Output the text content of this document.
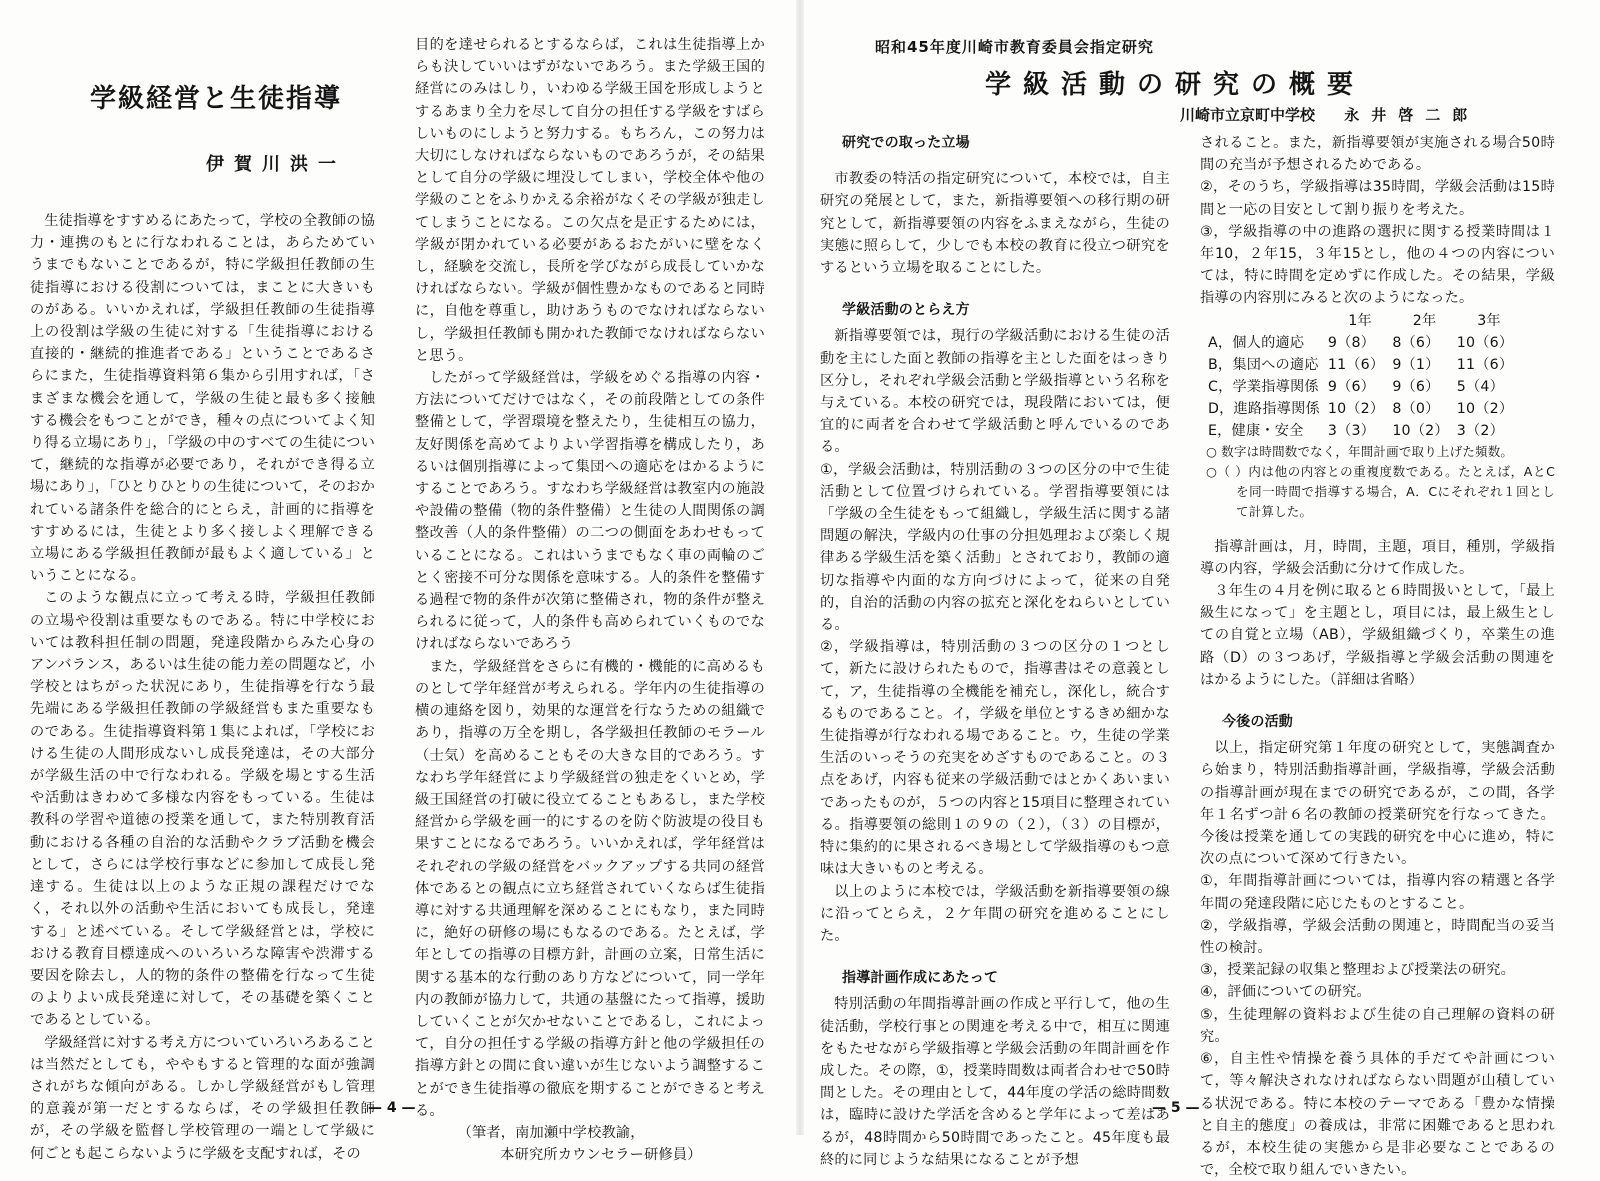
学級経営と生徒指導
伊賀川洪一

生徒指導をすすめるにあたって，学校の全教師の協力・連携のもとに行なわれることは，あらためていうまでもないことであるが，特に学級担任教師の生徒指導における役割については，まことに大きいものがある。いいかえれば，学級担任教師の生徒指導上の役割は学級の生徒に対する「生徒指導における直接的・継続的推進者である」ということであるさらにまた，生徒指導資料第６集から引用すれば，「さまざまな機会を通して，学級の生徒と最も多く接触する機会をもつことができ，種々の点についてよく知り得る立場にあり」，「学級の中のすべての生徒について，継続的な指導が必要であり，それができ得る立場にあり」，「ひとりひとりの生徒について，そのおかれている諸条件を総合的にとらえ，計画的に指導をすすめるには，生徒とより多く接しよく理解できる立場にある学級担任教師が最もよく適している」ということになる。

このような観点に立って考える時，学級担任教師の立場や役割は重要なものである。特に中学校においては教科担任制の問題，発達段階からみた心身のアンバランス，あるいは生徒の能力差の問題など，小学校とはちがった状況にあり，生徒指導を行なう最先端にある学級担任教師の学級経営もまた重要なものである。生徒指導資料第１集によれば，「学校における生徒の人間形成ないし成長発達は，その大部分が学級生活の中で行なわれる。学級を場とする生活や活動はきわめて多様な内容をもっている。生徒は教科の学習や道徳の授業を通して，また特別教育活動における各種の自治的な活動やクラブ活動を機会として，さらには学校行事などに参加して成長し発達する。生徒は以上のような正規の課程だけでなく，それ以外の活動や生活においても成長し，発達する」と述べている。そして学級経営とは，学校における教育目標達成へのいろいろな障害や渋滞する要因を除去し，人的物的条件の整備を行なって生徒のよりよい成長発達に対して，その基礎を築くことであるとしている。

学級経営に対する考え方についていろいろあることは当然だとしても，ややもすると管理的な面が強調されがちな傾向がある。しかし学級経営がもし管理的意義が第一だとするならば，その学級担任教師が，その学級を監督し学校管理の一端として学級に何ごとも起こらないように学級を支配すれば，その

目的を達せられるとするならば，これは生徒指導上からも決していいはずがないであろう。また学級王国的経営にのみはしり，いわゆる学級王国を形成しようとするあまり全力を尽して自分の担任する学級をすばらしいものにしようと努力する。もちろん，この努力は大切にしなければならないものであろうが，その結果として自分の学級に埋没してしまい，学校全体や他の学級のことをふりかえる余裕がなくその学級が独走してしまうことになる。この欠点を是正するためには，学級が閉かれている必要があるおたがいに壁をなくし，経験を交流し，長所を学びながら成長していかなければならない。学級が個性豊かなものであると同時に，自他を尊重し，助けあうものでなければならないし，学級担任教師も開かれた教師でなければならないと思う。

したがって学級経営は，学級をめぐる指導の内容・方法についてだけではなく，その前段階としての条件整備として，学習環境を整えたり，生徒相互の協力，友好関係を高めてよりよい学習指導を構成したり，あるいは個別指導によって集団への適応をはかるようにすることであろう。すなわち学級経営は教室内の施設や設備の整備（物的条件整備）と生徒の人間関係の調整改善（人的条件整備）の二つの側面をあわせもっていることになる。これはいうまでもなく車の両輪のごとく密接不可分な関係を意味する。人的条件を整備する過程で物的条件が次第に整備され，物的条件が整えられるに従って，人的条件も高められていくものでなければならないであろう

また，学級経営をさらに有機的・機能的に高めるものとして学年経営が考えられる。学年内の生徒指導の横の連絡を図り，効果的な運営を行なうための組織であり，指導の万全を期し，各学級担任教師のモラール（士気）を高めることもその大きな目的であろう。すなわち学年経営により学級経営の独走をくいとめ，学級王国経営の打破に役立てることもあるし，また学校経営から学級を画一的にするのを防ぐ防波堤の役目も果すことになるであろう。いいかえれば，学年経営はそれぞれの学級の経営をバックアップする共同の経営体であるとの観点に立ち経営されていくならば生徒指導に対する共通理解を深めることにもなり，また同時に，絶好の研修の場にもなるのである。たとえば，学年としての指導の目標方針，計画の立案，日常生活に関する基本的な行動のあり方などについて，同一学年内の教師が協力して，共通の基盤にたって指導，援助していくことが欠かせないことであるし，これによって，自分の担任する学級の指導方針と他の学級担任の指導方針との間に食い違いが生じないよう調整することができ生徒指導の徹底を期することができると考える。

（筆者，南加瀬中学校教諭，

本研究所カウンセラー研修員）

— 4 —
昭和45年度川崎市教育委員会指定研究
学級活動の研究の概要
川崎市立京町中学校 永井啓二郎
研究での取った立場

市教委の特活の指定研究について，本校では，自主研究の発展として，また，新指導要領への移行期の研究として，新指導要領の内容をふまえながら，生徒の実態に照らして，少しでも本校の教育に役立つ研究をするという立場を取ることにした。

学級活動のとらえ方

新指導要領では，現行の学級活動における生徒の活動を主にした面と教師の指導を主とした面をはっきり区分し，それぞれ学級会活動と学級指導という名称を与えている。本校の研究では，現段階においては，便宜的に両者を合わせて学級活動と呼んでいるのである。

①，学級会活動は，特別活動の３つの区分の中で生徒活動として位置づけられている。学習指導要領には「学級の全生徒をもって組織し，学級生活に関する諸問題の解決，学級内の仕事の分担処理および楽しく規律ある学級生活を築く活動」とされており，教師の適切な指導や内面的な方向づけによって，従来の自発的，自治的活動の内容の拡充と深化をねらいとしている。

②，学級指導は，特別活動の３つの区分の１つとして，新たに設けられたもので，指導書はその意義として，ア，生徒指導の全機能を補充し，深化し，統合するものであること。イ，学級を単位とするきめ細かな生徒指導が行なわれる場であること。ウ，生徒の学業生活のいっそうの充実をめざすものであること。の３点をあげ，内容も従来の学級活動ではとかくあいまいであったものが，５つの内容と15項目に整理されている。指導要領の総則１の９の（２），（３）の目標が，特に集約的に果されるべき場として学級指導のもつ意味は大きいものと考える。

以上のように本校では，学級活動を新指導要領の線に沿ってとらえ，２ケ年間の研究を進めることにした。

指導計画作成にあたって

特別活動の年間指導計画の作成と平行して，他の生徒活動，学校行事との関連を考える中で，相互に関連をもたせながら学級指導と学級会活動の年間計画を作成した。その際，①，授業時間数は両者合わせで50時間とした。その理由として，44年度の学活の総時間数は，臨時に設けた学活を含めると学年によって差はあるが，48時間から50時間であったこと。45年度も最終的に同じような結果になることが予想

されること。また，新指導要領が実施される場合50時間の充当が予想されるためである。

②，そのうち，学級指導は35時間，学級会活動は15時間と一応の目安として割り振りを考えた。

③，学級指導の中の進路の選択に関する授業時間は１年10，２年15，３年15とし，他の４つの内容については，特に時間を定めずに作成した。その結果，学級指導の内容別にみると次のようになった。

	1年	2年	3年
A，個人的適応	9（8）	8（6）	10（6）
B，集団への適応	11（6）	9（1）	11（6）
C，学業指導関係	9（6）	9（6）	5（4）
D，進路指導関係	10（2）	8（0）	10（2）
E，健康・安全	3（3）	10（2）	3（2）
○ 数字は時間数でなく，年間計画で取り上げた頻数。
○（ ）内は他の内容との重複度数である。たとえば，AとCを同一時間で指導する場合，A．Cにそれぞれ１回として計算した。

指導計画は，月，時間，主題，項目，種別，学級指導の内容，学級会活動に分けて作成した。

３年生の４月を例に取ると６時間扱いとして，「最上級生になって」を主題とし，項目には，最上級生としての自覚と立場（AB），学級組織づくり，卒業生の進路（D）の３つあげ，学級指導と学級会活動の関連をはかるようにした。（詳細は省略）

今後の活動

以上，指定研究第１年度の研究として，実態調査から始まり，特別活動指導計画，学級指導，学級会活動の指導計画が現在までの研究であるが，この間，各学年１名ずつ計６名の教師の授業研究を行なってきた。今後は授業を通しての実践的研究を中心に進め，特に次の点について深めて行きたい。

①，年間指導計画については，指導内容の精選と各学年間の発達段階に応じたものとすること。

②，学級指導，学級会活動の関連と，時間配当の妥当性の検討。

③，授業記録の収集と整理および授業法の研究。

④，評価についての研究。

⑤，生徒理解の資料および生徒の自己理解の資料の研究。

⑥，自主性や情操を養う具体的手だてや計画について，等々解決されなければならない問題が山積している状況である。特に本校のテーマである「豊かな情操と自主的態度」の養成は，非常に困難であると思われるが，本校生徒の実態から是非必要なことであるので，全校で取り組んでいきたい。

— 5 —
